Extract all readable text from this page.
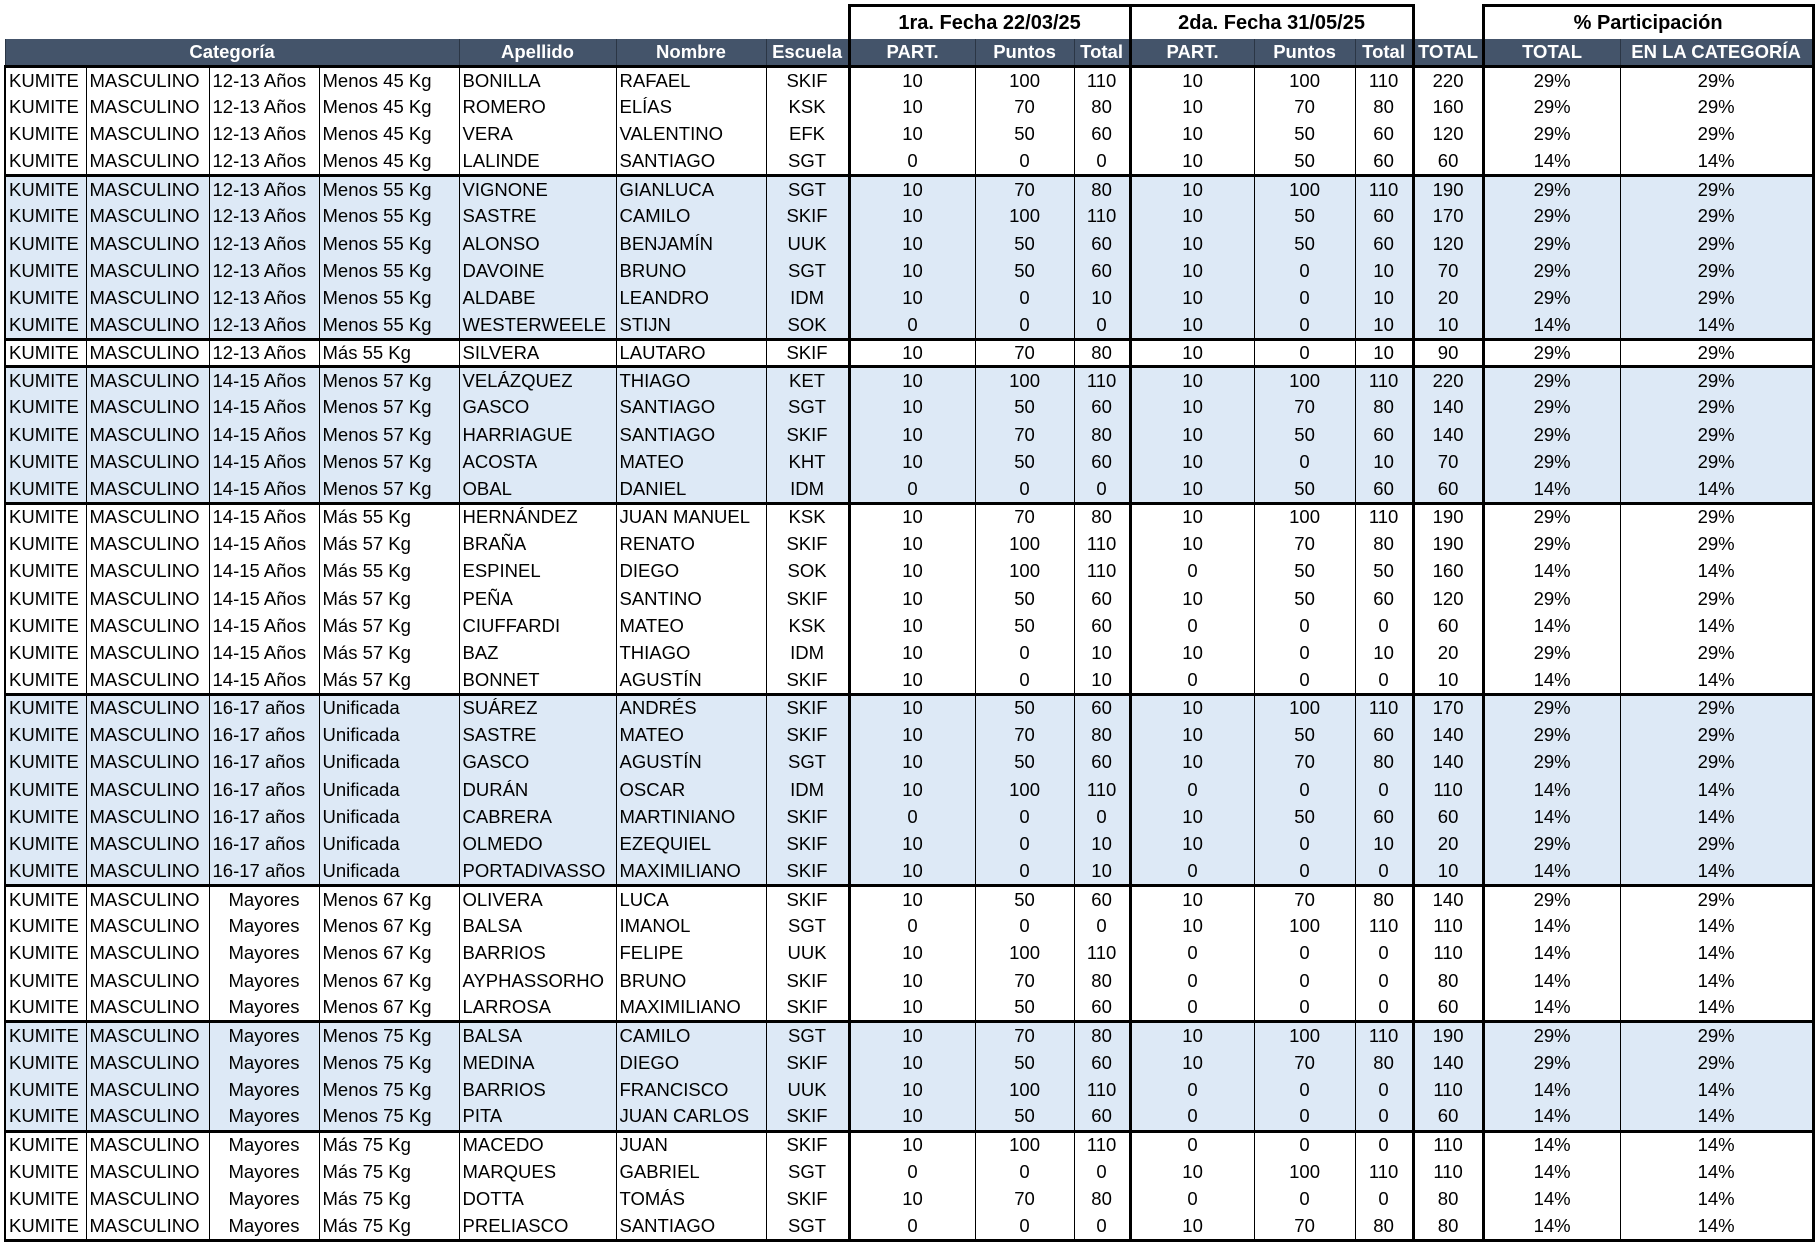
							1ra. Fecha 22/03/25			2da. Fecha 31/05/25				% Participación	
Categoría				Apellido	Nombre	Escuela	PART.	Puntos	Total	PART.	Puntos	Total	TOTAL	TOTAL	EN LA CATEGORÍA
KUMITE	MASCULINO	12-13 Años	Menos 45 Kg	BONILLA	RAFAEL	SKIF	10	100	110	10	100	110	220	29%	29%
KUMITE	MASCULINO	12-13 Años	Menos 45 Kg	ROMERO	ELÍAS	KSK	10	70	80	10	70	80	160	29%	29%
KUMITE	MASCULINO	12-13 Años	Menos 45 Kg	VERA	VALENTINO	EFK	10	50	60	10	50	60	120	29%	29%
KUMITE	MASCULINO	12-13 Años	Menos 45 Kg	LALINDE	SANTIAGO	SGT	0	0	0	10	50	60	60	14%	14%
KUMITE	MASCULINO	12-13 Años	Menos 55 Kg	VIGNONE	GIANLUCA	SGT	10	70	80	10	100	110	190	29%	29%
KUMITE	MASCULINO	12-13 Años	Menos 55 Kg	SASTRE	CAMILO	SKIF	10	100	110	10	50	60	170	29%	29%
KUMITE	MASCULINO	12-13 Años	Menos 55 Kg	ALONSO	BENJAMÍN	UUK	10	50	60	10	50	60	120	29%	29%
KUMITE	MASCULINO	12-13 Años	Menos 55 Kg	DAVOINE	BRUNO	SGT	10	50	60	10	0	10	70	29%	29%
KUMITE	MASCULINO	12-13 Años	Menos 55 Kg	ALDABE	LEANDRO	IDM	10	0	10	10	0	10	20	29%	29%
KUMITE	MASCULINO	12-13 Años	Menos 55 Kg	WESTERWEELE	STIJN	SOK	0	0	0	10	0	10	10	14%	14%
KUMITE	MASCULINO	12-13 Años	Más 55 Kg	SILVERA	LAUTARO	SKIF	10	70	80	10	0	10	90	29%	29%
KUMITE	MASCULINO	14-15 Años	Menos 57 Kg	VELÁZQUEZ	THIAGO	KET	10	100	110	10	100	110	220	29%	29%
KUMITE	MASCULINO	14-15 Años	Menos 57 Kg	GASCO	SANTIAGO	SGT	10	50	60	10	70	80	140	29%	29%
KUMITE	MASCULINO	14-15 Años	Menos 57 Kg	HARRIAGUE	SANTIAGO	SKIF	10	70	80	10	50	60	140	29%	29%
KUMITE	MASCULINO	14-15 Años	Menos 57 Kg	ACOSTA	MATEO	KHT	10	50	60	10	0	10	70	29%	29%
KUMITE	MASCULINO	14-15 Años	Menos 57 Kg	OBAL	DANIEL	IDM	0	0	0	10	50	60	60	14%	14%
KUMITE	MASCULINO	14-15 Años	Más 55 Kg	HERNÁNDEZ	JUAN MANUEL	KSK	10	70	80	10	100	110	190	29%	29%
KUMITE	MASCULINO	14-15 Años	Más 57 Kg	BRAÑA	RENATO	SKIF	10	100	110	10	70	80	190	29%	29%
KUMITE	MASCULINO	14-15 Años	Más 55 Kg	ESPINEL	DIEGO	SOK	10	100	110	0	50	50	160	14%	14%
KUMITE	MASCULINO	14-15 Años	Más 57 Kg	PEÑA	SANTINO	SKIF	10	50	60	10	50	60	120	29%	29%
KUMITE	MASCULINO	14-15 Años	Más 57 Kg	CIUFFARDI	MATEO	KSK	10	50	60	0	0	0	60	14%	14%
KUMITE	MASCULINO	14-15 Años	Más 57 Kg	BAZ	THIAGO	IDM	10	0	10	10	0	10	20	29%	29%
KUMITE	MASCULINO	14-15 Años	Más 57 Kg	BONNET	AGUSTÍN	SKIF	10	0	10	0	0	0	10	14%	14%
KUMITE	MASCULINO	16-17 años	Unificada	SUÁREZ	ANDRÉS	SKIF	10	50	60	10	100	110	170	29%	29%
KUMITE	MASCULINO	16-17 años	Unificada	SASTRE	MATEO	SKIF	10	70	80	10	50	60	140	29%	29%
KUMITE	MASCULINO	16-17 años	Unificada	GASCO	AGUSTÍN	SGT	10	50	60	10	70	80	140	29%	29%
KUMITE	MASCULINO	16-17 años	Unificada	DURÁN	OSCAR	IDM	10	100	110	0	0	0	110	14%	14%
KUMITE	MASCULINO	16-17 años	Unificada	CABRERA	MARTINIANO	SKIF	0	0	0	10	50	60	60	14%	14%
KUMITE	MASCULINO	16-17 años	Unificada	OLMEDO	EZEQUIEL	SKIF	10	0	10	10	0	10	20	29%	29%
KUMITE	MASCULINO	16-17 años	Unificada	PORTADIVASSO	MAXIMILIANO	SKIF	10	0	10	0	0	0	10	14%	14%
KUMITE	MASCULINO	Mayores	Menos 67 Kg	OLIVERA	LUCA	SKIF	10	50	60	10	70	80	140	29%	29%
KUMITE	MASCULINO	Mayores	Menos 67 Kg	BALSA	IMANOL	SGT	0	0	0	10	100	110	110	14%	14%
KUMITE	MASCULINO	Mayores	Menos 67 Kg	BARRIOS	FELIPE	UUK	10	100	110	0	0	0	110	14%	14%
KUMITE	MASCULINO	Mayores	Menos 67 Kg	AYPHASSORHO	BRUNO	SKIF	10	70	80	0	0	0	80	14%	14%
KUMITE	MASCULINO	Mayores	Menos 67 Kg	LARROSA	MAXIMILIANO	SKIF	10	50	60	0	0	0	60	14%	14%
KUMITE	MASCULINO	Mayores	Menos 75 Kg	BALSA	CAMILO	SGT	10	70	80	10	100	110	190	29%	29%
KUMITE	MASCULINO	Mayores	Menos 75 Kg	MEDINA	DIEGO	SKIF	10	50	60	10	70	80	140	29%	29%
KUMITE	MASCULINO	Mayores	Menos 75 Kg	BARRIOS	FRANCISCO	UUK	10	100	110	0	0	0	110	14%	14%
KUMITE	MASCULINO	Mayores	Menos 75 Kg	PITA	JUAN CARLOS	SKIF	10	50	60	0	0	0	60	14%	14%
KUMITE	MASCULINO	Mayores	Más 75 Kg	MACEDO	JUAN	SKIF	10	100	110	0	0	0	110	14%	14%
KUMITE	MASCULINO	Mayores	Más 75 Kg	MARQUES	GABRIEL	SGT	0	0	0	10	100	110	110	14%	14%
KUMITE	MASCULINO	Mayores	Más 75 Kg	DOTTA	TOMÁS	SKIF	10	70	80	0	0	0	80	14%	14%
KUMITE	MASCULINO	Mayores	Más 75 Kg	PRELIASCO	SANTIAGO	SGT	0	0	0	10	70	80	80	14%	14%
